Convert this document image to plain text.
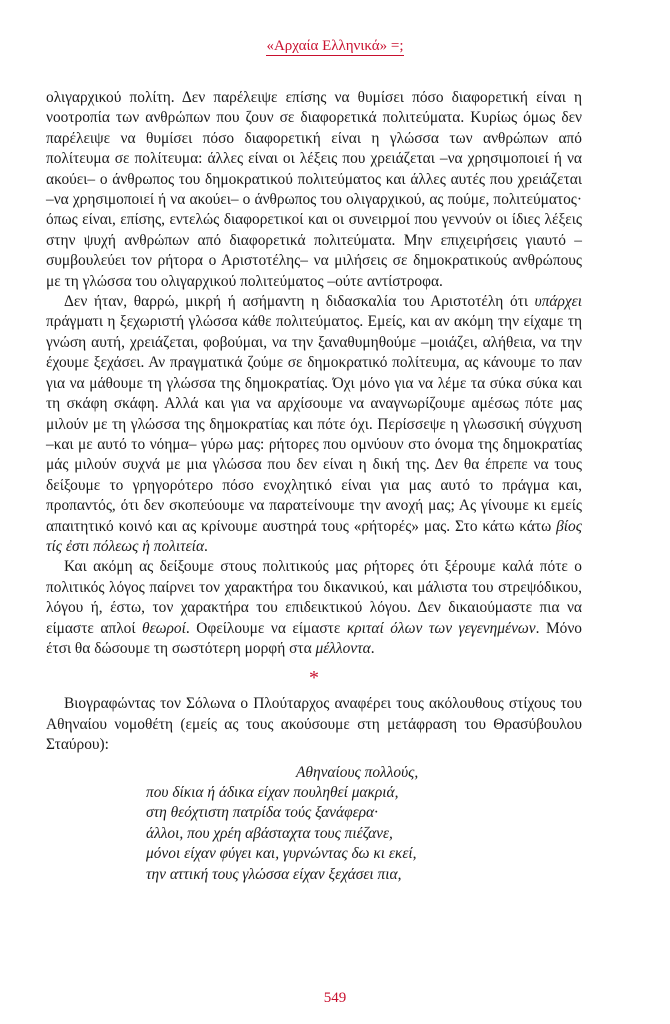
«Αρχαία Ελληνικά» =;

ολιγαρχικού πολίτη. Δεν παρέλειψε επίσης να θυμίσει πόσο διαφορετική είναι η νοοτροπία των ανθρώπων που ζουν σε διαφορετικά πολιτεύματα. Κυρίως όμως δεν παρέλειψε να θυμίσει πόσο διαφορετική είναι η γλώσσα των ανθρώπων από πολίτευμα σε πολίτευμα: άλλες είναι οι λέξεις που χρειάζεται –να χρησιμοποιεί ή να ακούει– ο άνθρωπος του δημοκρατικού πολιτεύματος και άλλες αυτές που χρειάζεται –να χρησιμοποιεί ή να ακούει– ο άνθρωπος του ολιγαρχικού, ας πούμε, πολιτεύματος· όπως είναι, επίσης, εντελώς διαφορετικοί και οι συνειρμοί που γεννούν οι ίδιες λέξεις στην ψυχή ανθρώπων από διαφορετικά πολιτεύματα. Μην επιχειρήσεις γιαυτό –συμβουλεύει τον ρήτορα ο Αριστοτέλης– να μιλήσεις σε δημοκρατικούς ανθρώπους με τη γλώσσα του ολιγαρχικού πολιτεύματος –ούτε αντίστροφα.

Δεν ήταν, θαρρώ, μικρή ή ασήμαντη η διδασκαλία του Αριστοτέλη ότι υπάρχει πράγματι η ξεχωριστή γλώσσα κάθε πολιτεύματος. Εμείς, και αν ακόμη την είχαμε τη γνώση αυτή, χρειάζεται, φοβούμαι, να την ξαναθυμηθούμε –μοιάζει, αλήθεια, να την έχουμε ξεχάσει. Αν πραγματικά ζούμε σε δημοκρατικό πολίτευμα, ας κάνουμε το παν για να μάθουμε τη γλώσσα της δημοκρατίας. Όχι μόνο για να λέμε τα σύκα σύκα και τη σκάφη σκάφη. Αλλά και για να αρχίσουμε να αναγνωρίζουμε αμέσως πότε μας μιλούν με τη γλώσσα της δημοκρατίας και πότε όχι. Περίσσεψε η γλωσσική σύγχυση –και με αυτό το νόημα– γύρω μας: ρήτορες που ομνύουν στο όνομα της δημοκρατίας μάς μιλούν συχνά με μια γλώσσα που δεν είναι η δική της. Δεν θα έπρεπε να τους δείξουμε το γρηγορότερο πόσο ενοχλητικό είναι για μας αυτό το πράγμα και, προπαντός, ότι δεν σκοπεύουμε να παρατείνουμε την ανοχή μας; Ας γίνουμε κι εμείς απαιτητικό κοινό και ας κρίνουμε αυστηρά τους «ρήτορές» μας. Στο κάτω κάτω βίος τίς ἐστι πόλεως ἡ πολιτεία.

Και ακόμη ας δείξουμε στους πολιτικούς μας ρήτορες ότι ξέρουμε καλά πότε ο πολιτικός λόγος παίρνει τον χαρακτήρα του δικανικού, και μάλιστα του στρεψόδικου, λόγου ή, έστω, τον χαρακτήρα του επιδεικτικού λόγου. Δεν δικαιούμαστε πια να είμαστε απλοί θεωροί. Οφείλουμε να είμαστε κριταί όλων των γεγενημένων. Μόνο έτσι θα δώσουμε τη σωστότερη μορφή στα μέλλοντα.

*

Βιογραφώντας τον Σόλωνα ο Πλούταρχος αναφέρει τους ακόλουθους στίχους του Αθηναίου νομοθέτη (εμείς ας τους ακούσουμε στη μετάφραση του Θρασύβουλου Σταύρου):

Αθηναίους πολλούς,
που δίκια ή άδικα είχαν πουληθεί μακριά,
στη θεόχτιστη πατρίδα τούς ξανάφερα·
άλλοι, που χρέη αβάσταχτα τους πιέζανε,
μόνοι είχαν φύγει και, γυρνώντας δω κι εκεί,
την αττική τους γλώσσα είχαν ξεχάσει πια,
549
